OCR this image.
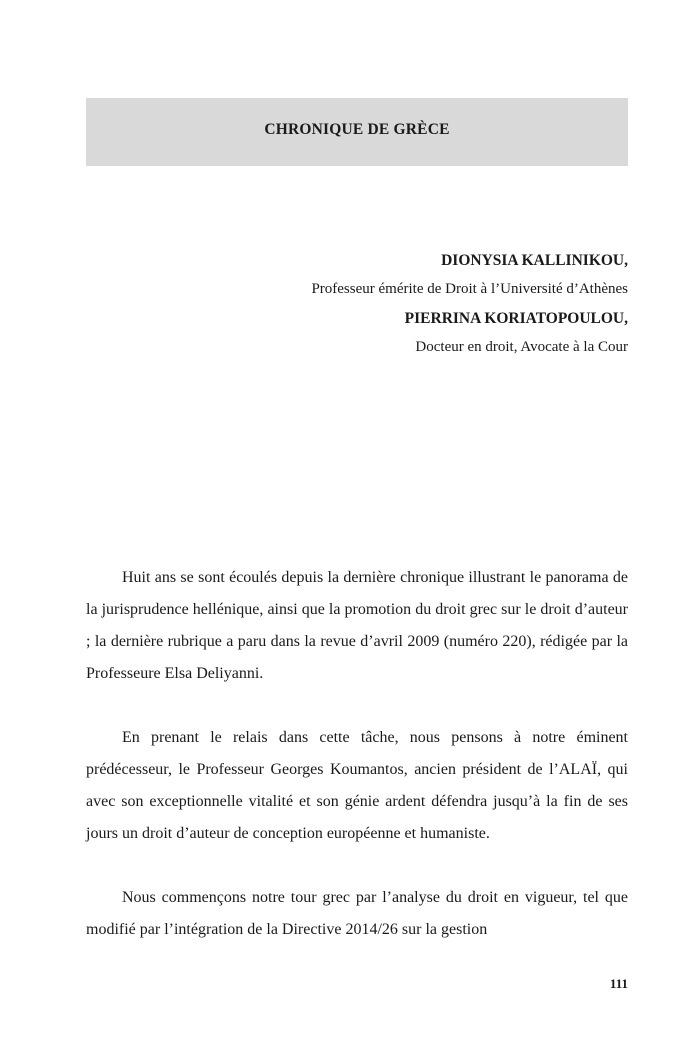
CHRONIQUE DE GRÈCE
DIONYSIA KALLINIKOU,
Professeur émérite de Droit à l’Université d’Athènes
PIERRINA KORIATOPOULOU,
Docteur en droit, Avocate à la Cour

Huit ans se sont écoulés depuis la dernière chronique illustrant le panorama de la jurisprudence hellénique, ainsi que la promotion du droit grec sur le droit d’auteur ; la dernière rubrique a paru dans la revue d’avril 2009 (numéro 220), rédigée par la Professeure Elsa Deliyanni.

En prenant le relais dans cette tâche, nous pensons à notre éminent prédécesseur, le Professeur Georges Koumantos, ancien président de l’ALAÏ, qui avec son exceptionnelle vitalité et son génie ardent défendra jusqu’à la fin de ses jours un droit d’auteur de conception européenne et humaniste.

Nous commençons notre tour grec par l’analyse du droit en vigueur, tel que modifié par l’intégration de la Directive 2014/26 sur la gestion

111
